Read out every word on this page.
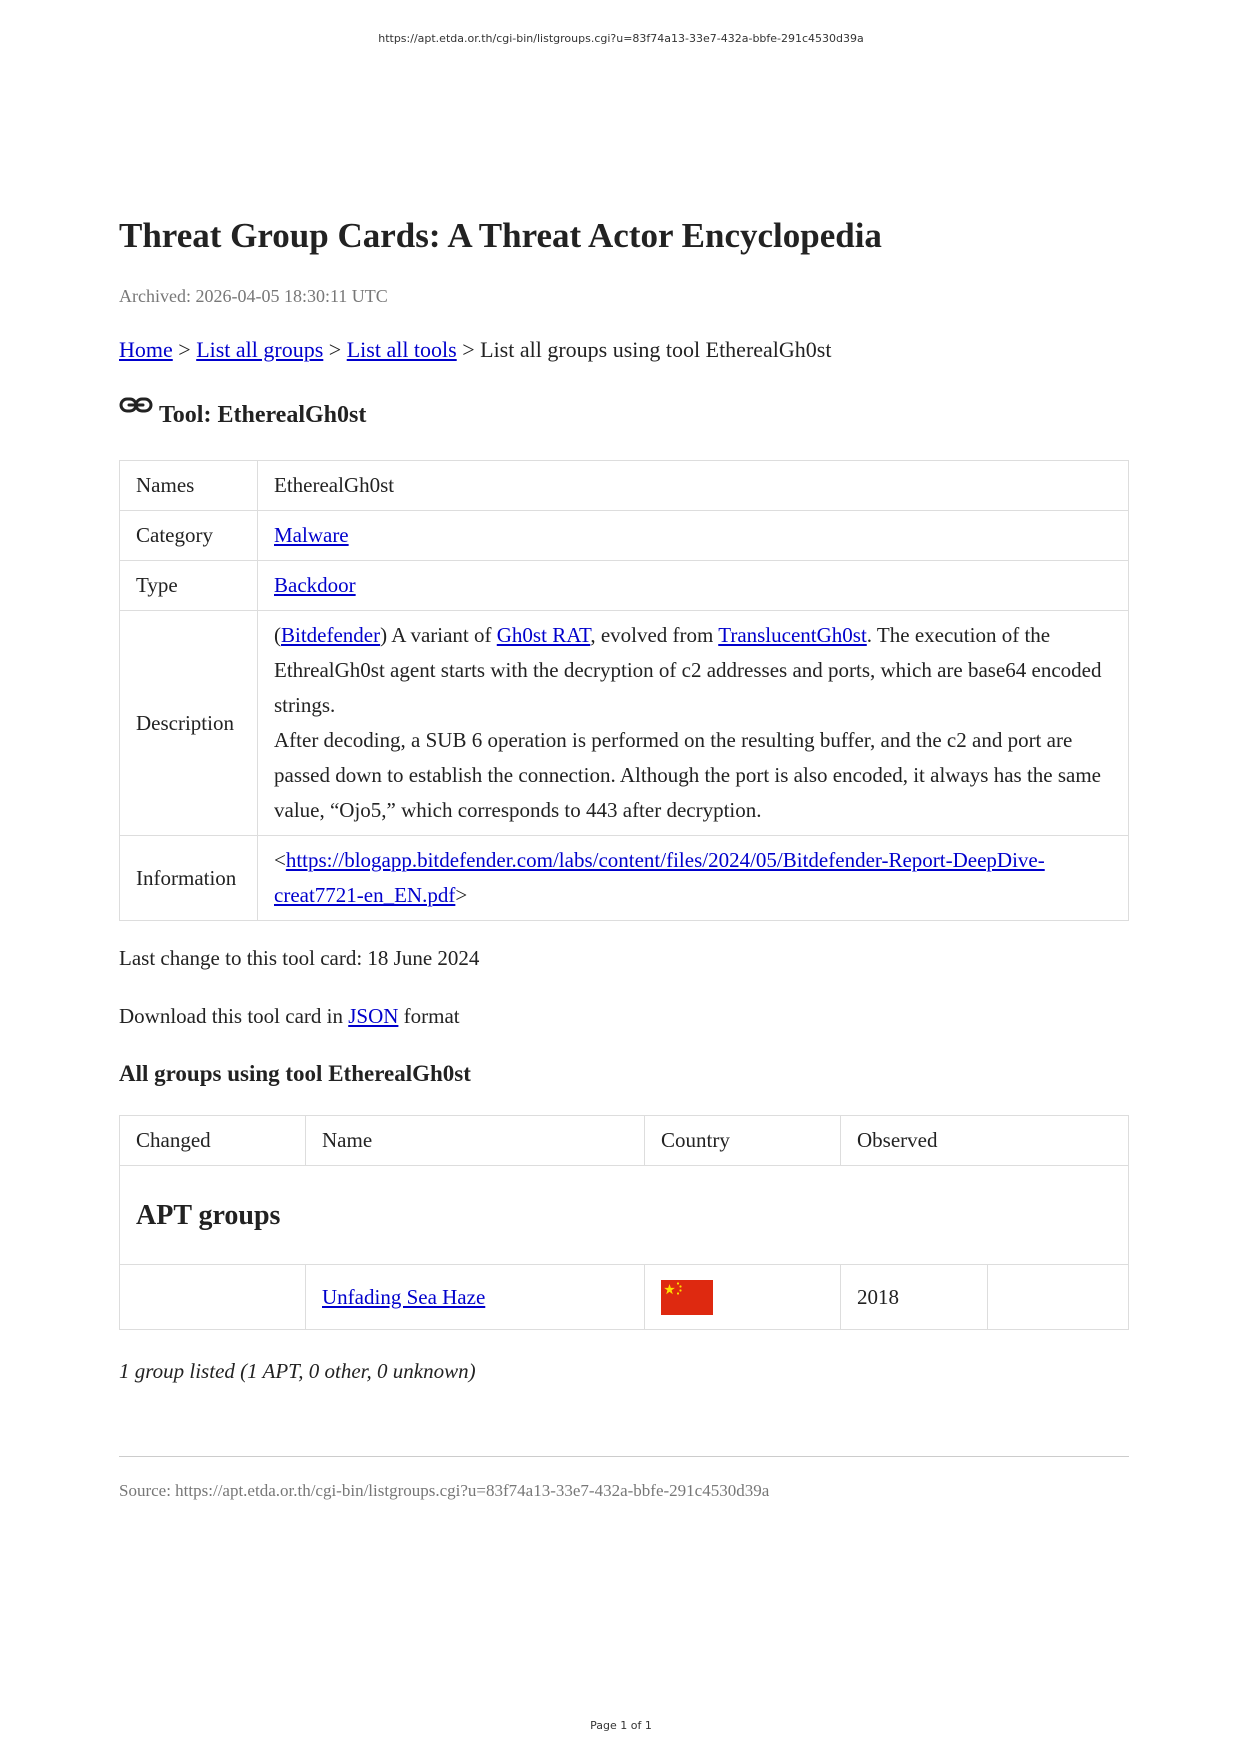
https://apt.etda.or.th/cgi-bin/listgroups.cgi?u=83f74a13-33e7-432a-bbfe-291c4530d39a
Threat Group Cards: A Threat Actor Encyclopedia
Archived: 2026-04-05 18:30:11 UTC
Home > List all groups > List all tools > List all groups using tool EtherealGh0st
Tool: EtherealGh0st
Names	EtherealGh0st
Category	Malware
Type	Backdoor
Description	(Bitdefender) A variant of Gh0st RAT, evolved from TranslucentGh0st. The execution of the EthrealGh0st agent starts with the decryption of c2 addresses and ports, which are base64 encoded strings.
After decoding, a SUB 6 operation is performed on the resulting buffer, and the c2 and port are passed down to establish the connection. Although the port is also encoded, it always has the same value, “Ojo5,” which corresponds to 443 after decryption.

Information	<https://blogapp.bitdefender.com/labs/content/files/2024/05/Bitdefender-Report-DeepDive-creat7721-en_EN.pdf>
Last change to this tool card: 18 June 2024
Download this tool card in JSON format
All groups using tool EtherealGh0st
Changed	Name	Country	Observed	
APT groups				
	Unfading Sea Haze		2018	
1 group listed (1 APT, 0 other, 0 unknown)
Source: https://apt.etda.or.th/cgi-bin/listgroups.cgi?u=83f74a13-33e7-432a-bbfe-291c4530d39a
Page 1 of 1
